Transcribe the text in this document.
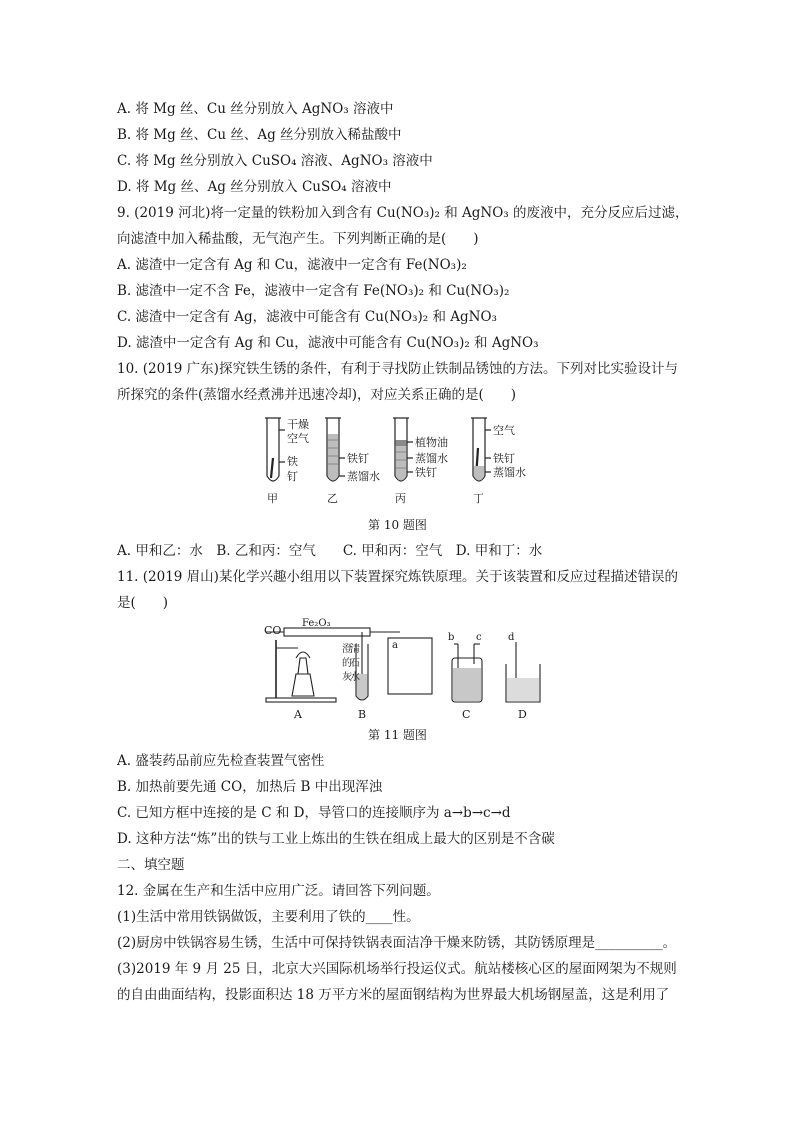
A. 将 Mg 丝、Cu 丝分别放入 AgNO₃ 溶液中
B. 将 Mg 丝、Cu 丝、Ag 丝分别放入稀盐酸中
C. 将 Mg 丝分别放入 CuSO₄ 溶液、AgNO₃ 溶液中
D. 将 Mg 丝、Ag 丝分别放入 CuSO₄ 溶液中
9. (2019 河北)将一定量的铁粉加入到含有 Cu(NO₃)₂ 和 AgNO₃ 的废液中，充分反应后过滤，
向滤渣中加入稀盐酸，无气泡产生。下列判断正确的是(　　)
A. 滤渣中一定含有 Ag 和 Cu，滤液中一定含有 Fe(NO₃)₂
B. 滤渣中一定不含 Fe，滤液中一定含有 Fe(NO₃)₂ 和 Cu(NO₃)₂
C. 滤渣中一定含有 Ag，滤液中可能含有 Cu(NO₃)₂ 和 AgNO₃
D. 滤渣中一定含有 Ag 和 Cu，滤液中可能含有 Cu(NO₃)₂ 和 AgNO₃
10. (2019 广东)探究铁生锈的条件，有利于寻找防止铁制品锈蚀的方法。下列对比实验设计与
所探究的条件(蒸馏水经煮沸并迅速冷却)，对应关系正确的是(　　)
干燥
空气
铁
钉
铁钉
蒸馏水
植物油
蒸馏水
铁钉
空气
铁钉
蒸馏水
甲	乙	丙	丁
第 10 题图
A. 甲和乙：水　B. 乙和丙：空气　　C. 甲和丙：空气　D. 甲和丁：水
11. (2019 眉山)某化学兴趣小组用以下装置探究炼铁原理。关于该装置和反应过程描述错误的
是(　　)
CO
Fe₂O₃
澄
清
的
石
灰
水
a
b c	d
A	B	C	D
第 11 题图
A. 盛装药品前应先检查装置气密性
B. 加热前要先通 CO，加热后 B 中出现浑浊
C. 已知方框中连接的是 C 和 D，导管口的连接顺序为 a→b→c→d
D. 这种方法“炼”出的铁与工业上炼出的生铁在组成上最大的区别是不含碳
二、填空题
12. 金属在生产和生活中应用广泛。请回答下列问题。
(1)生活中常用铁锅做饭，主要利用了铁的____性。
(2)厨房中铁锅容易生锈，生活中可保持铁锅表面洁净干燥来防锈，其防锈原理是__________。
(3)2019 年 9 月 25 日，北京大兴国际机场举行投运仪式。航站楼核心区的屋面网架为不规则
的自由曲面结构，投影面积达 18 万平方米的屋面钢结构为世界最大机场钢屋盖，这是利用了
